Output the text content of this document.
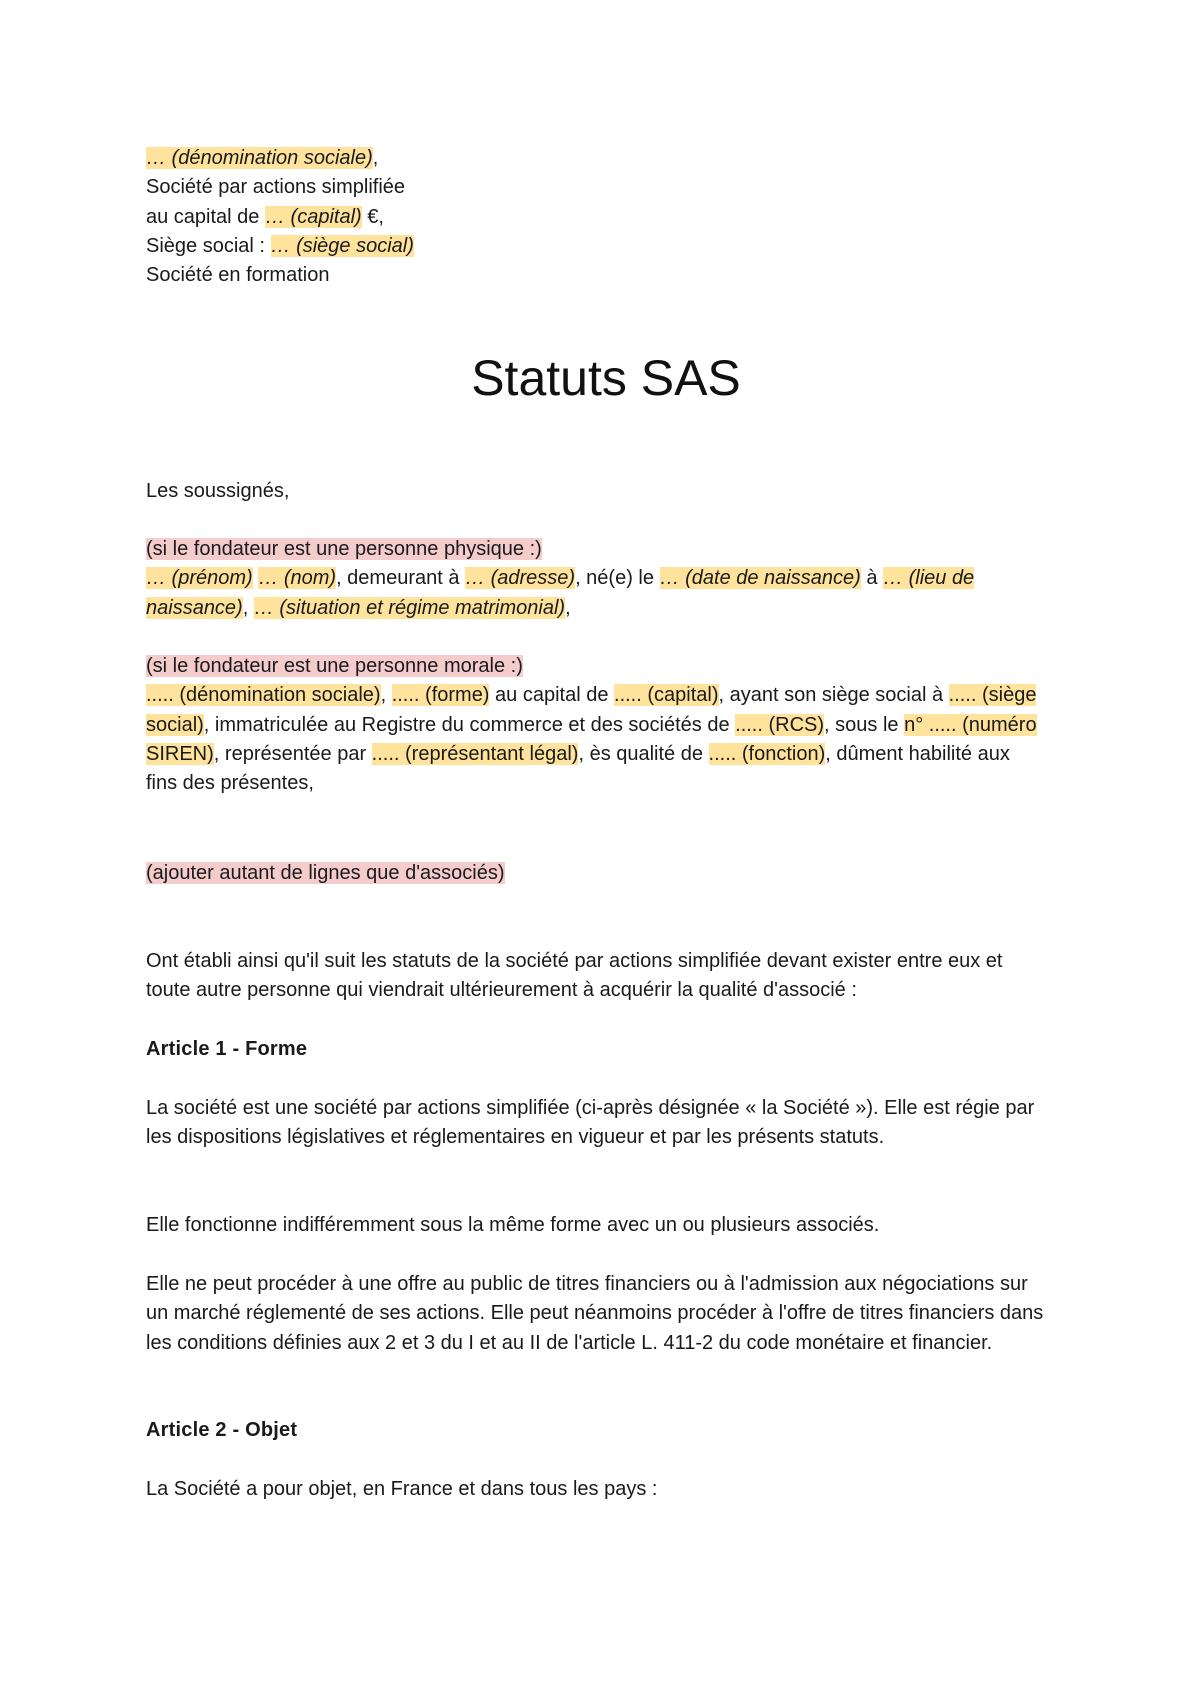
… (dénomination sociale),
Société par actions simplifiée
au capital de … (capital) €,
Siège social : … (siège social)
Société en formation
Statuts SAS
Les soussignés,
(si le fondateur est une personne physique :)
… (prénom) … (nom), demeurant à … (adresse), né(e) le … (date de naissance) à … (lieu de naissance), … (situation et régime matrimonial),
(si le fondateur est une personne morale :)
..... (dénomination sociale), ..... (forme) au capital de ..... (capital), ayant son siège social à ..... (siège social), immatriculée au Registre du commerce et des sociétés de ..... (RCS), sous le n° ..... (numéro SIREN), représentée par ..... (représentant légal), ès qualité de ..... (fonction), dûment habilité aux fins des présentes,
(ajouter autant de lignes que d'associés)
Ont établi ainsi qu'il suit les statuts de la société par actions simplifiée devant exister entre eux et toute autre personne qui viendrait ultérieurement à acquérir la qualité d'associé :
Article 1 - Forme
La société est une société par actions simplifiée (ci-après désignée « la Société »). Elle est régie par les dispositions législatives et réglementaires en vigueur et par les présents statuts.
Elle fonctionne indifféremment sous la même forme avec un ou plusieurs associés.
Elle ne peut procéder à une offre au public de titres financiers ou à l'admission aux négociations sur un marché réglementé de ses actions. Elle peut néanmoins procéder à l'offre de titres financiers dans les conditions définies aux 2 et 3 du I et au II de l'article L. 411-2 du code monétaire et financier.
Article 2 - Objet
La Société a pour objet, en France et dans tous les pays :
